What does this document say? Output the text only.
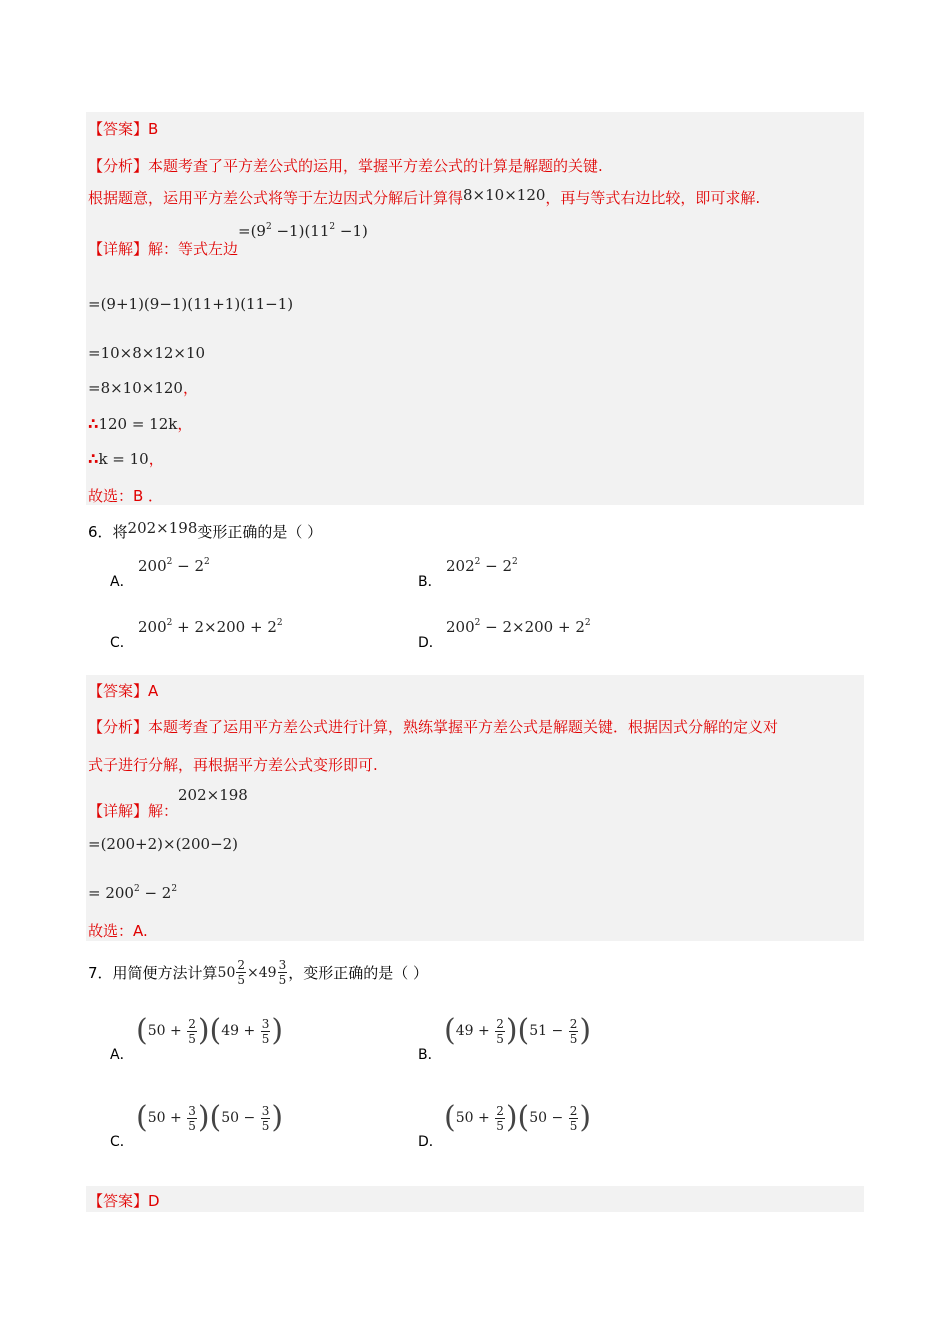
【答案】B
【分析】本题考查了平方差公式的运用，掌握平方差公式的计算是解题的关键.
根据题意，运用平方差公式将等于左边因式分解后计算得8×10×120，再与等式右边比较，即可求解.
【详解】解：等式左边$=(9^2 -1)(11^2 -1)$
=(9+1)(9−1)(11+1)(11−1)
=10×8×12×10
=8×10×120，
∴120 = 12k，
∴k = 10，
故选：B ．
6．将202×198变形正确的是（ ）
A．
$200^2 - 2^2$
B．
$202^2 - 2^2$
C．
$200^2 + 2\times 200 + 2^2$
D．
$200^2 - 2\times 200 + 2^2$
【答案】A
【分析】本题考查了运用平方差公式进行计算，熟练掌握平方差公式是解题关键．根据因式分解的定义对
式子进行分解，再根据平方差公式变形即可.
【详解】解：202×198
=(200+2)×(200−2)
= $200^2 - 2^2$
故选：A.
7．用简便方法计算 $50 \frac{2}{5} \times 49 \frac{3}{5}$ ，变形正确的是（ ）
A．
( 50
+
$\frac{2}{5}$ ) ( 49
+
$\frac{3}{5}$ )
B．
( 49
+
$\frac{2}{5}$ ) ( 51
−
$\frac{2}{5}$ )
C．
( 50
+
$\frac{3}{5}$ ) ( 50
−
$\frac{3}{5}$ )
D．
( 50
+
$\frac{2}{5}$ ) ( 50
−
$\frac{2}{5}$ )
【答案】D
